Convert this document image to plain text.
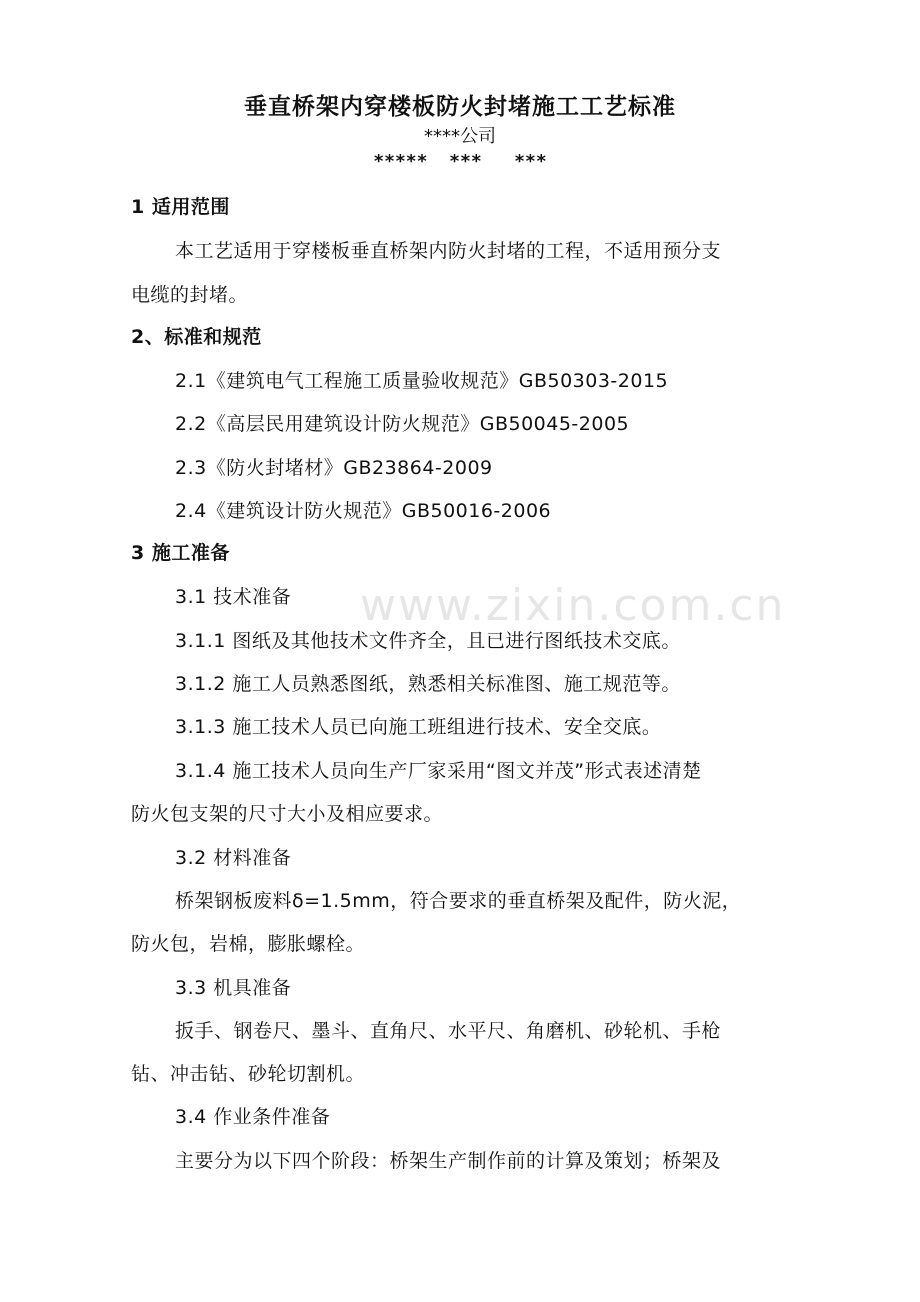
www.zixin.com.cn
垂直桥架内穿楼板防火封堵施工工艺标准
****公司
*****  ***   ***
1 适用范围
本工艺适用于穿楼板垂直桥架内防火封堵的工程，不适用预分支
电缆的封堵。
2、标准和规范
2.1《建筑电气工程施工质量验收规范》GB50303-2015
2.2《高层民用建筑设计防火规范》GB50045-2005
2.3《防火封堵材》GB23864-2009
2.4《建筑设计防火规范》GB50016-2006
3 施工准备
3.1 技术准备
3.1.1 图纸及其他技术文件齐全，且已进行图纸技术交底。
3.1.2 施工人员熟悉图纸，熟悉相关标准图、施工规范等。
3.1.3 施工技术人员已向施工班组进行技术、安全交底。
3.1.4 施工技术人员向生产厂家采用“图文并茂”形式表述清楚
防火包支架的尺寸大小及相应要求。
3.2 材料准备
桥架钢板废料δ=1.5mm，符合要求的垂直桥架及配件，防火泥，
防火包，岩棉，膨胀螺栓。
3.3 机具准备
扳手、钢卷尺、墨斗、直角尺、水平尺、角磨机、砂轮机、手枪
钻、冲击钻、砂轮切割机。
3.4 作业条件准备
主要分为以下四个阶段：桥架生产制作前的计算及策划；桥架及
